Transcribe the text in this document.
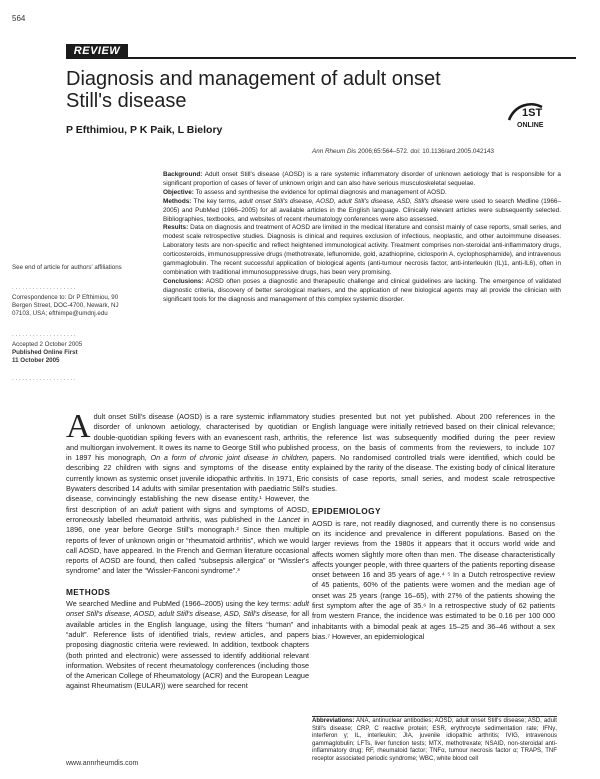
564
REVIEW
Diagnosis and management of adult onset Still's disease
P Efthimiou, P K Paik, L Bielory
1ST
ONLINE
Ann Rheum Dis 2006;65:564–572. doi: 10.1136/ard.2005.042143

Background: Adult onset Still's disease (AOSD) is a rare systemic inflammatory disorder of unknown aetiology that is responsible for a significant proportion of cases of fever of unknown origin and can also have serious musculoskeletal sequelae.

Objective: To assess and synthesise the evidence for optimal diagnosis and management of AOSD.

Methods: The key terms, adult onset Still's disease, AOSD, adult Still's disease, ASD, Still's disease were used to search Medline (1966–2005) and PubMed (1966–2005) for all available articles in the English language. Clinically relevant articles were subsequently selected. Bibliographies, textbooks, and websites of recent rheumatology conferences were also assessed.

Results: Data on diagnosis and treatment of AOSD are limited in the medical literature and consist mainly of case reports, small series, and modest scale retrospective studies. Diagnosis is clinical and requires exclusion of infectious, neoplastic, and other autoimmune diseases. Laboratory tests are non-specific and reflect heightened immunological activity. Treatment comprises non-steroidal anti-inflammatory drugs, corticosteroids, immunosuppressive drugs (methotrexate, leflunomide, gold, azathioprine, ciclosporin A, cyclophosphamide), and intravenous gammaglobulin. The recent successful application of biological agents (anti-tumour necrosis factor, anti-interleukin (IL)1, anti-IL6), often in combination with traditional immunosuppressive drugs, has been very promising.

Conclusions: AOSD often poses a diagnostic and therapeutic challenge and clinical guidelines are lacking. The emergence of validated diagnostic criteria, discovery of better serological markers, and the application of new biological agents may all provide the clinician with significant tools for the diagnosis and management of this complex systemic disorder.

See end of article for authors' affiliations
. . . . . . . . . . . . . . . . . . .
Correspondence to: Dr P Efthimiou, 90 Bergen Street, DOC-4700, Newark, NJ 07103, USA; efthimpe@umdnj.edu
. . . . . . . . . . . . . . . . . . .
Accepted 2 October 2005
Published Online First
11 October 2005
. . . . . . . . . . . . . . . . . . .

Adult onset Still's disease (AOSD) is a rare systemic inflammatory disorder of unknown aetiology, characterised by quotidian or double-quotidian spiking fevers with an evanescent rash, arthritis, and multiorgan involvement. It owes its name to George Still who published in 1897 his monograph, On a form of chronic joint disease in children, describing 22 children with signs and symptoms of the disease entity currently known as systemic onset juvenile idiopathic arthritis. In 1971, Eric Bywaters described 14 adults with similar presentation with paediatric Still's disease, convincingly establishing the new disease entity.¹ However, the first description of an adult patient with signs and symptoms of AOSD, erroneously labelled rheumatoid arthritis, was published in the Lancet in 1896, one year before George Still's monograph.² Since then multiple reports of fever of unknown origin or “rheumatoid arthritis”, which we would call AOSD, have appeared. In the French and German literature occasional reports of AOSD are found, then called “subsepsis allergica” or “Wissler's syndrome” and later the “Wissler-Fanconi syndrome”.³

METHODS

We searched Medline and PubMed (1966–2005) using the key terms: adult onset Still's disease, AOSD, adult Still's disease, ASD, Still's disease, for all available articles in the English language, using the filters “human” and “adult”. Reference lists of identified trials, review articles, and papers proposing diagnostic criteria were reviewed. In addition, textbook chapters (both printed and electronic) were assessed to identify additional relevant information. Websites of recent rheumatology conferences (including those of the American College of Rheumatology (ACR) and the European League against Rheumatism (EULAR)) were searched for recent

studies presented but not yet published. About 200 references in the English language were initially retrieved based on their clinical relevance; the reference list was subsequently modified during the peer review process, on the basis of comments from the reviewers, to include 107 papers. No randomised controlled trials were identified, which could be explained by the rarity of the disease. The existing body of clinical literature consists of case reports, small series, and modest scale retrospective studies.

EPIDEMIOLOGY

AOSD is rare, not readily diagnosed, and currently there is no consensus on its incidence and prevalence in different populations. Based on the larger reviews from the 1980s it appears that it occurs world wide and affects women slightly more often than men. The disease characteristically affects younger people, with three quarters of the patients reporting disease onset between 16 and 35 years of age.⁴ ⁵ In a Dutch retrospective review of 45 patients, 60% of the patients were women and the median age of onset was 25 years (range 16–65), with 27% of the patients showing the first symptom after the age of 35.⁶ In a retrospective study of 62 patients from western France, the incidence was estimated to be 0.16 per 100 000 inhabitants with a bimodal peak at ages 15–25 and 36–46 without a sex bias.⁷ However, an epidemiological

Abbreviations: ANA, antinuclear antibodies; AOSD, adult onset Still's disease; ASD, adult Still's disease; CRP, C reactive protein; ESR, erythrocyte sedimentation rate; IFNγ, interferon γ; IL, interleukin; JIA, juvenile idiopathic arthritis; IVIG, intravenous gammaglobulin; LFTs, liver function tests; MTX, methotrexate; NSAID, non-steroidal anti-inflammatory drug; RF, rheumatoid factor; TNFα, tumour necrosis factor α; TRAPS, TNF receptor associated periodic syndrome; WBC, white blood cell
www.annrheumdis.com
